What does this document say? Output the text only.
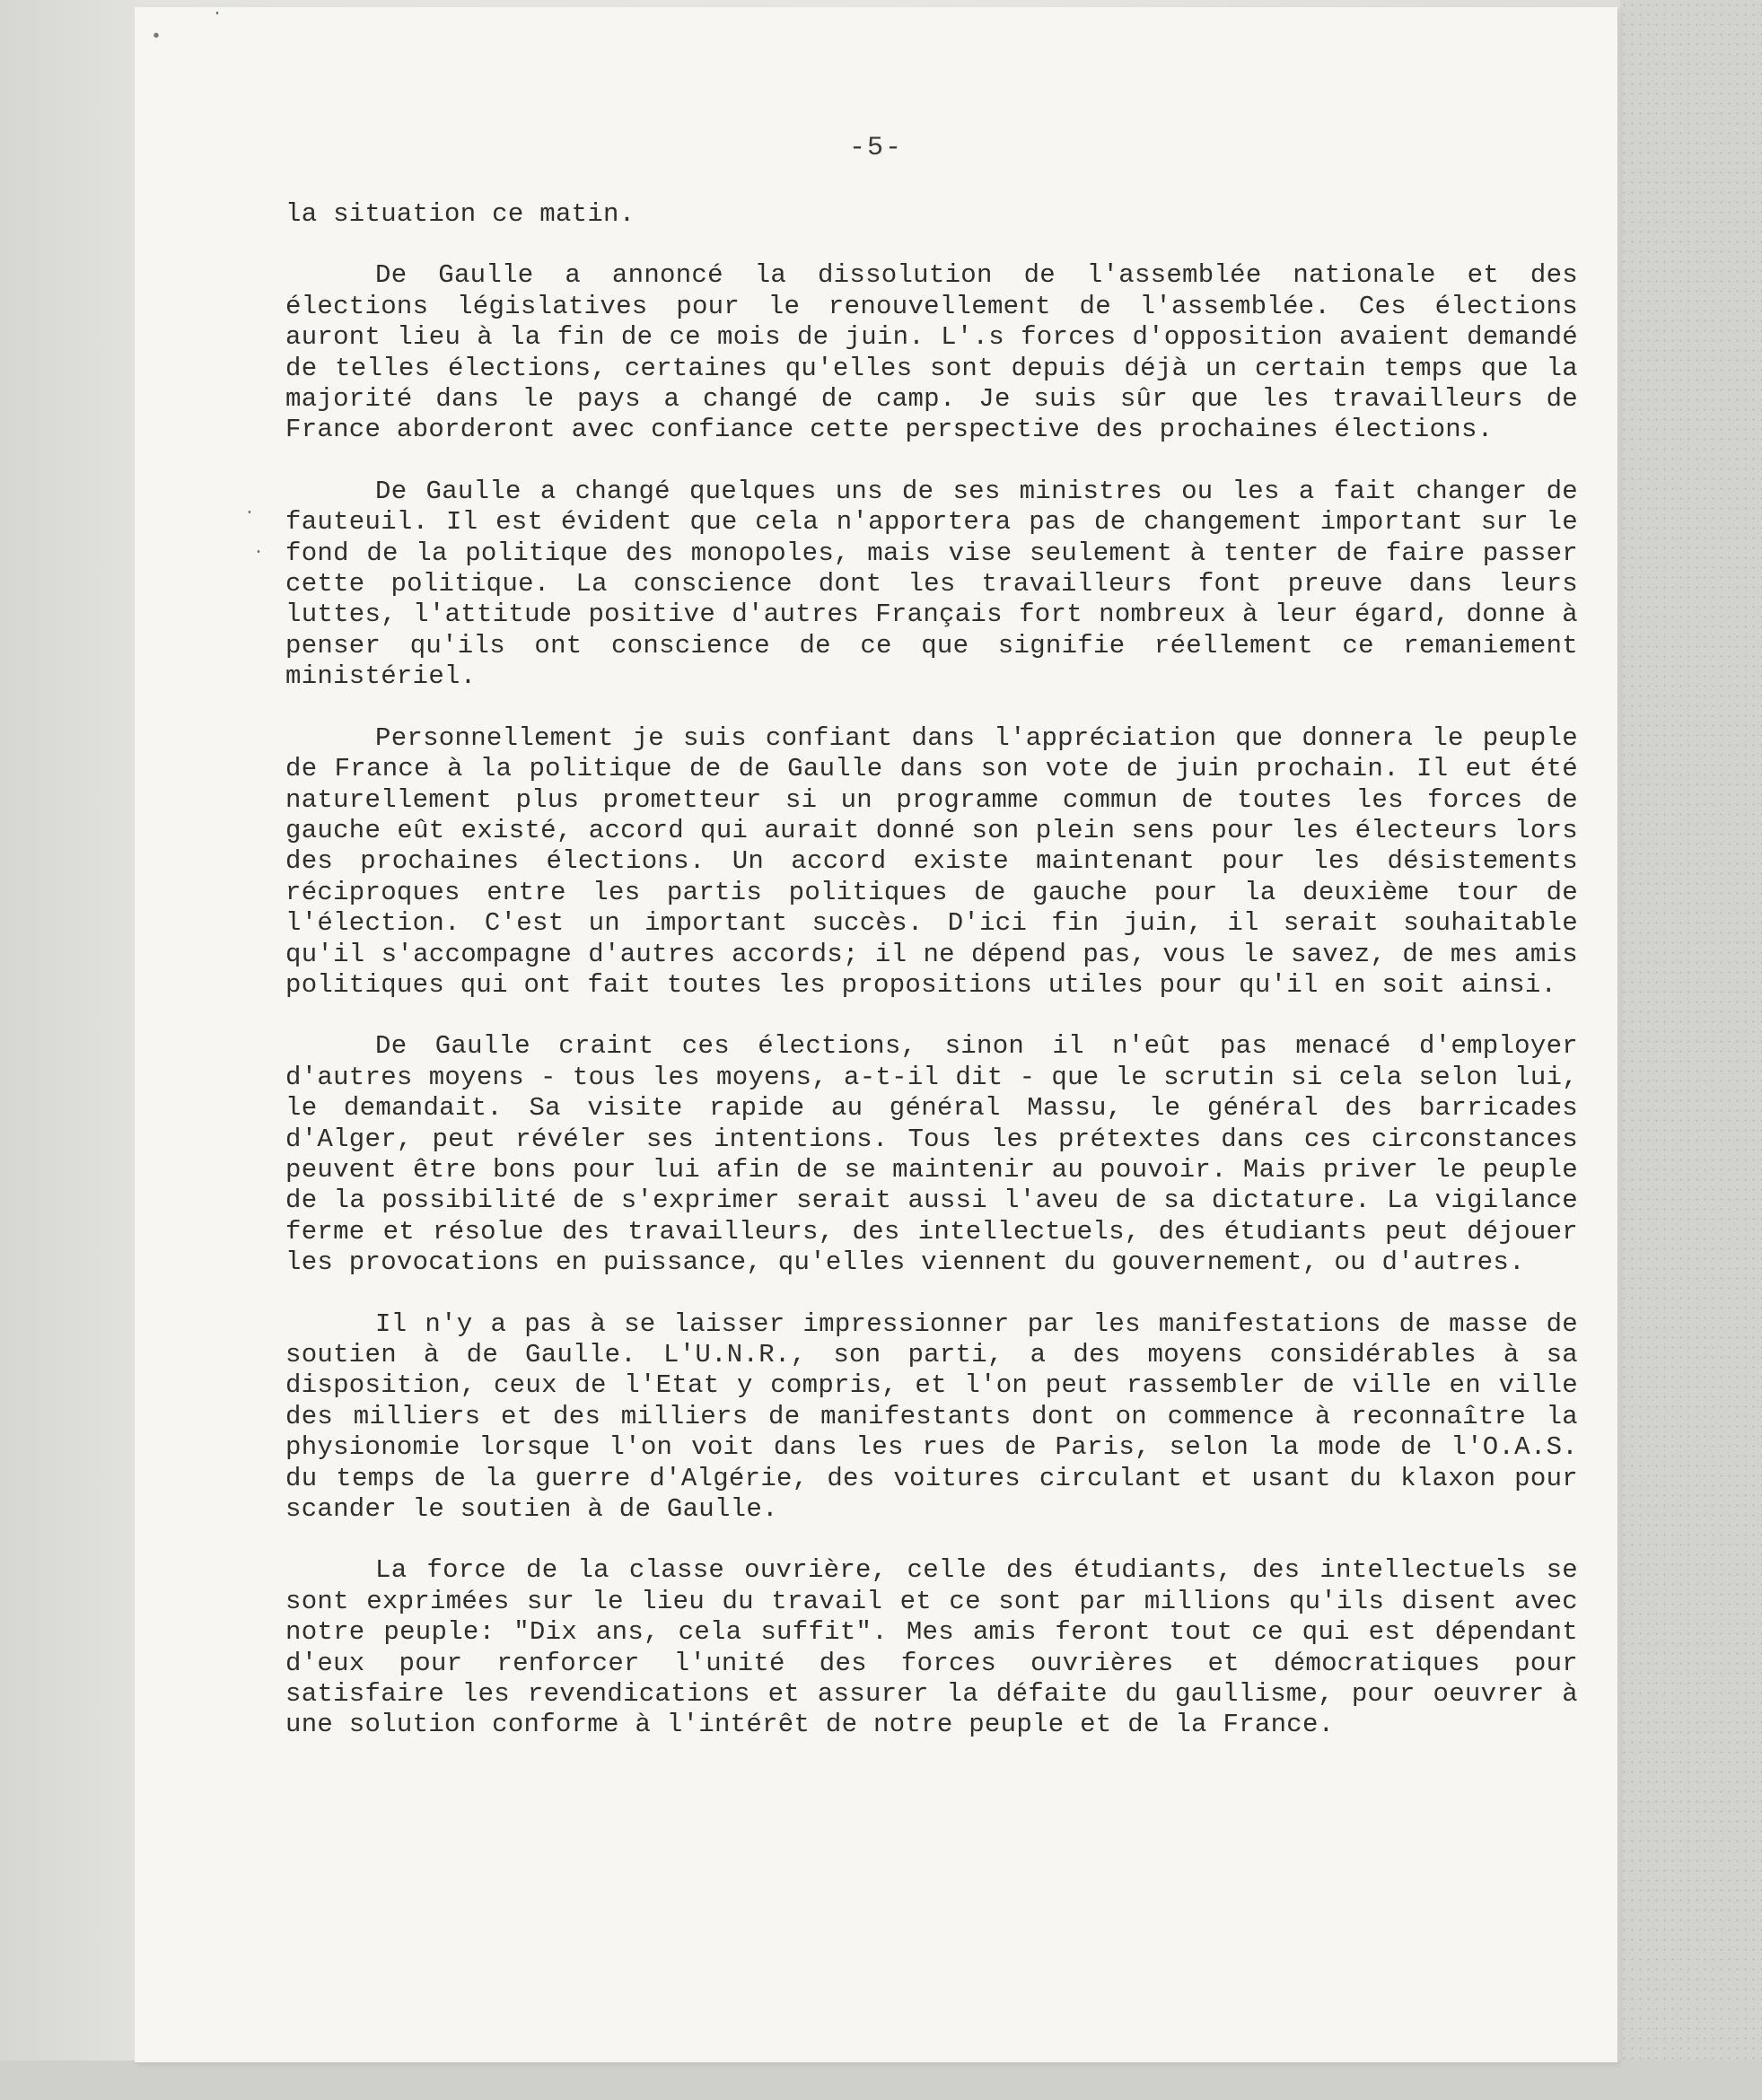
-5-

la situation ce matin.

De Gaulle a annoncé la dissolution de l'assemblée nationale et des élections législatives pour le renouvellement de l'assemblée. Ces élections auront lieu à la fin de ce mois de juin. L'.s forces d'opposition avaient demandé de telles élections, certaines qu'elles sont depuis déjà un certain temps que la majorité dans le pays a changé de camp. Je suis sûr que les travailleurs de France aborderont avec confiance cette perspective des prochaines élections.

De Gaulle a changé quelques uns de ses ministres ou les a fait changer de fauteuil. Il est évident que cela n'apportera pas de changement important sur le fond de la politique des monopoles, mais vise seulement à tenter de faire passer cette politique. La conscience dont les travailleurs font preuve dans leurs luttes, l'attitude positive d'autres Français fort nombreux à leur égard, donne à penser qu'ils ont conscience de ce que signifie réellement ce remaniement ministériel.

Personnellement je suis confiant dans l'appréciation que donnera le peuple de France à la politique de de Gaulle dans son vote de juin prochain. Il eut été naturellement plus prometteur si un programme commun de toutes les forces de gauche eût existé, accord qui aurait donné son plein sens pour les électeurs lors des prochaines élections. Un accord existe maintenant pour les désistements réciproques entre les partis politiques de gauche pour la deuxième tour de l'élection. C'est un important succès. D'ici fin juin, il serait souhaitable qu'il s'accompagne d'autres accords; il ne dépend pas, vous le savez, de mes amis politiques qui ont fait toutes les propositions utiles pour qu'il en soit ainsi.

De Gaulle craint ces élections, sinon il n'eût pas menacé d'employer d'autres moyens - tous les moyens, a-t-il dit - que le scrutin si cela selon lui, le demandait. Sa visite rapide au général Massu, le général des barricades d'Alger, peut révéler ses intentions. Tous les prétextes dans ces circonstances peuvent être bons pour lui afin de se maintenir au pouvoir. Mais priver le peuple de la possibilité de s'exprimer serait aussi l'aveu de sa dictature. La vigilance ferme et résolue des travailleurs, des intellectuels, des étudiants peut déjouer les provocations en puissance, qu'elles viennent du gouvernement, ou d'autres.

Il n'y a pas à se laisser impressionner par les manifestations de masse de soutien à de Gaulle. L'U.N.R., son parti, a des moyens considérables à sa disposition, ceux de l'Etat y compris, et l'on peut rassembler de ville en ville des milliers et des milliers de manifestants dont on commence à reconnaître la physionomie lorsque l'on voit dans les rues de Paris, selon la mode de l'O.A.S. du temps de la guerre d'Algérie, des voitures circulant et usant du klaxon pour scander le soutien à de Gaulle.

La force de la classe ouvrière, celle des étudiants, des intellectuels se sont exprimées sur le lieu du travail et ce sont par millions qu'ils disent avec notre peuple: "Dix ans, cela suffit". Mes amis feront tout ce qui est dépendant d'eux pour renforcer l'unité des forces ouvrières et démocratiques pour satisfaire les revendications et assurer la défaite du gaullisme, pour oeuvrer à une solution conforme à l'intérêt de notre peuple et de la France.

•
·
·
·
